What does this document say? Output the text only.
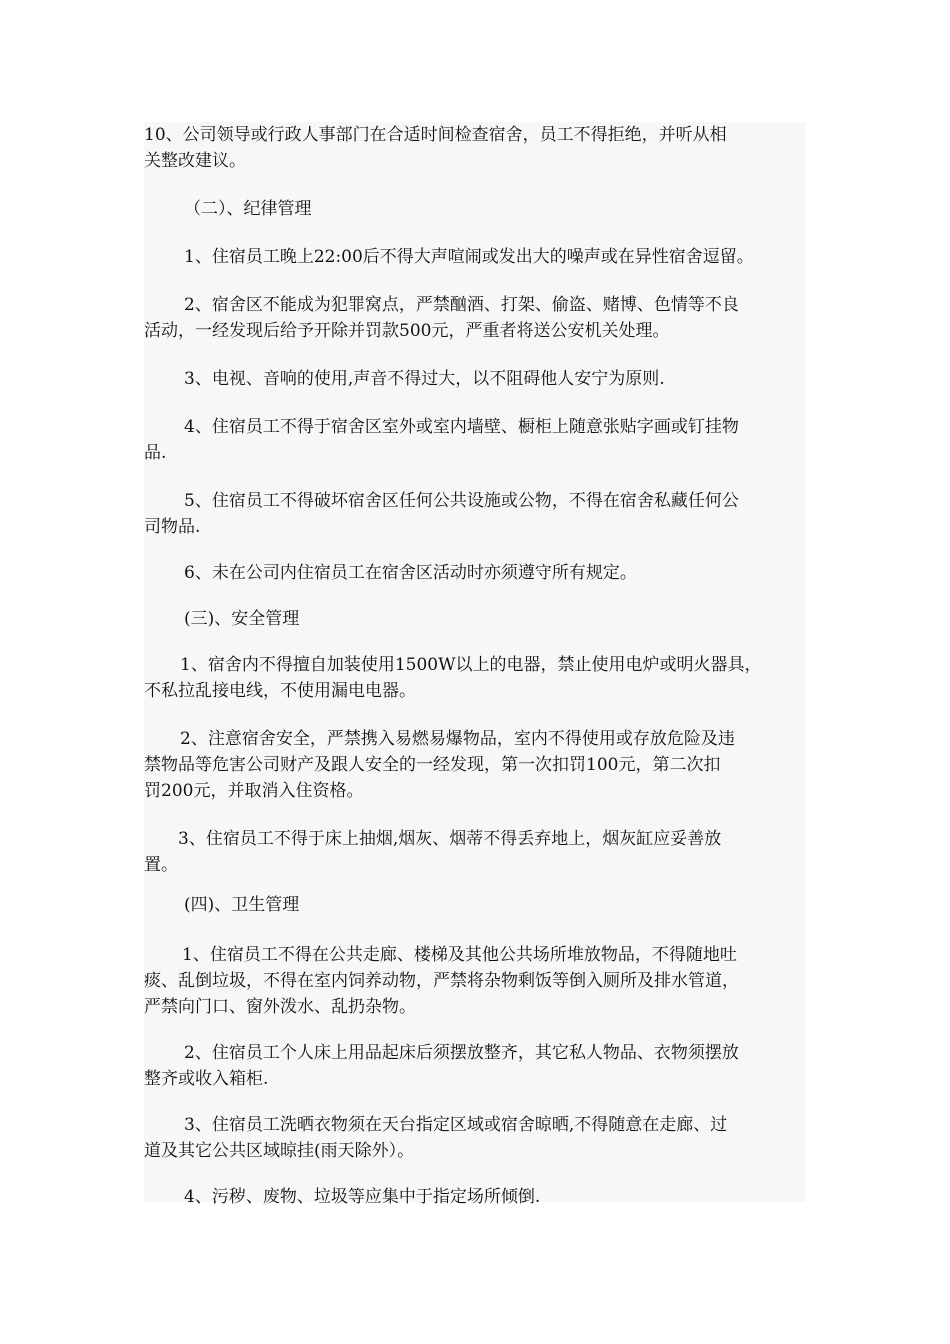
10、公司领导或行政人事部门在合适时间检查宿舍，员工不得拒绝，并听从相

关整改建议。

（二）、纪律管理

1、住宿员工晚上22:00后不得大声喧闹或发出大的噪声或在异性宿舍逗留。

2、宿舍区不能成为犯罪窝点，严禁酗酒、打架、偷盗、赌博、色情等不良

活动，一经发现后给予开除并罚款500元，严重者将送公安机关处理。

3、电视、音响的使用,声音不得过大，以不阻碍他人安宁为原则.

4、住宿员工不得于宿舍区室外或室内墙壁、橱柜上随意张贴字画或钉挂物

品.

5、住宿员工不得破坏宿舍区任何公共设施或公物，不得在宿舍私藏任何公

司物品.

6、未在公司内住宿员工在宿舍区活动时亦须遵守所有规定。

(三)、安全管理

1、宿舍内不得擅自加装使用1500W以上的电器，禁止使用电炉或明火器具，

不私拉乱接电线，不使用漏电电器。

2、注意宿舍安全，严禁携入易燃易爆物品，室内不得使用或存放危险及违

禁物品等危害公司财产及跟人安全的一经发现，第一次扣罚100元，第二次扣

罚200元，并取消入住资格。

3、住宿员工不得于床上抽烟,烟灰、烟蒂不得丢弃地上，烟灰缸应妥善放

置。

(四)、卫生管理

1、住宿员工不得在公共走廊、楼梯及其他公共场所堆放物品，不得随地吐

痰、乱倒垃圾，不得在室内饲养动物，严禁将杂物剩饭等倒入厕所及排水管道，

严禁向门口、窗外泼水、乱扔杂物。

2、住宿员工个人床上用品起床后须摆放整齐，其它私人物品、衣物须摆放

整齐或收入箱柜.

3、住宿员工洗晒衣物须在天台指定区域或宿舍晾晒,不得随意在走廊、过

道及其它公共区域晾挂(雨天除外）。

4、污秽、废物、垃圾等应集中于指定场所倾倒.
